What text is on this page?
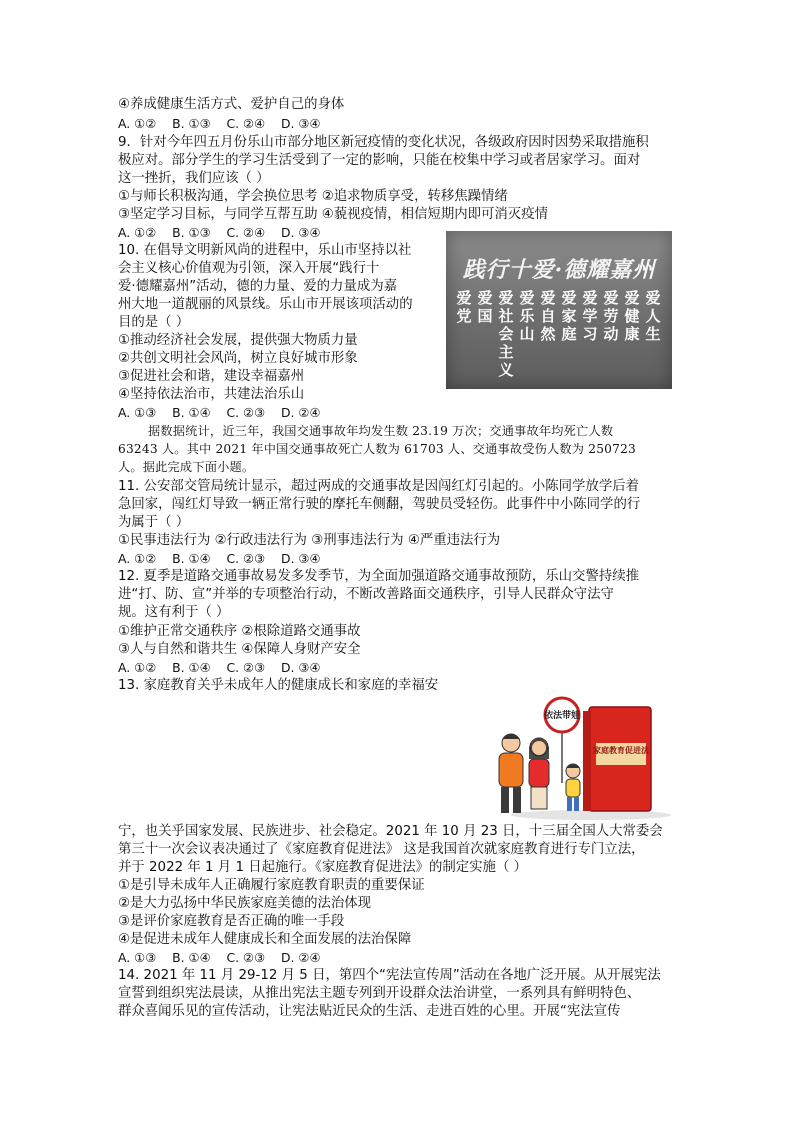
④养成健康生活方式、爱护自己的身体
A. ①②    B. ①③    C. ②④    D. ③④
9．针对今年四五月份乐山市部分地区新冠疫情的变化状况，各级政府因时因势采取措施积
极应对。部分学生的学习生活受到了一定的影响，只能在校集中学习或者居家学习。面对
这一挫折，我们应该（ ）
①与师长积极沟通，学会换位思考 ②追求物质享受，转移焦躁情绪
③坚定学习目标，与同学互帮互助 ④藐视疫情，相信短期内即可消灭疫情
A. ①②    B. ①③    C. ②④    D. ③④
10. 在倡导文明新风尚的进程中，乐山市坚持以社
会主义核心价值观为引领，深入开展“践行十
爱·德耀嘉州”活动，德的力量、爱的力量成为嘉
州大地一道靓丽的风景线。乐山市开展该项活动的
目的是（ ）
①推动经济社会发展，提供强大物质力量
②共创文明社会风尚，树立良好城市形象
③促进社会和谐，建设幸福嘉州
④坚持依法治市，共建法治乐山
A. ①③    B. ①④    C. ②③    D. ②④
践行十爱·德耀嘉州
爱党
爱国
爱社会主义
爱乐山
爱自然
爱家庭
爱学习
爱劳动
爱健康
爱人生
据数据统计，近三年，我国交通事故年均发生数 23.19 万次；交通事故年均死亡人数
63243 人。其中 2021 年中国交通事故死亡人数为 61703 人、交通事故受伤人数为 250723
人。据此完成下面小题。
11. 公安部交管局统计显示，超过两成的交通事故是因闯红灯引起的。小陈同学放学后着
急回家，闯红灯导致一辆正常行驶的摩托车侧翻，驾驶员受轻伤。此事件中小陈同学的行
为属于（ ）
①民事违法行为 ②行政违法行为 ③刑事违法行为 ④严重违法行为
A. ①②    B. ①④    C. ②③    D. ③④
12. 夏季是道路交通事故易发多发季节，为全面加强道路交通事故预防，乐山交警持续推
进“打、防、宣”并举的专项整治行动，不断改善路面交通秩序，引导人民群众守法守
规。这有利于（ ）
①维护正常交通秩序 ②根除道路交通事故
③人与自然和谐共生 ④保障人身财产安全
A. ①②    B. ①④    C. ②③    D. ③④
13. 家庭教育关乎未成年人的健康成长和家庭的幸福安
家庭教育促进法
依法带娃
宁，也关乎国家发展、民族进步、社会稳定。2021 年 10 月 23 日，十三届全国人大常委会
第三十一次会议表决通过了《家庭教育促进法》 这是我国首次就家庭教育进行专门立法，
并于 2022 年 1 月 1 日起施行。《家庭教育促进法》的制定实施（ ）
①是引导未成年人正确履行家庭教育职责的重要保证
②是大力弘扬中华民族家庭美德的法治体现
③是评价家庭教育是否正确的唯一手段
④是促进未成年人健康成长和全面发展的法治保障
A. ①③    B. ①④    C. ②③    D. ②④
14. 2021 年 11 月 29-12 月 5 日，第四个“宪法宣传周”活动在各地广泛开展。从开展宪法
宣誓到组织宪法晨读，从推出宪法主题专列到开设群众法治讲堂，一系列具有鲜明特色、
群众喜闻乐见的宣传活动，让宪法贴近民众的生活、走进百姓的心里。开展“宪法宣传
